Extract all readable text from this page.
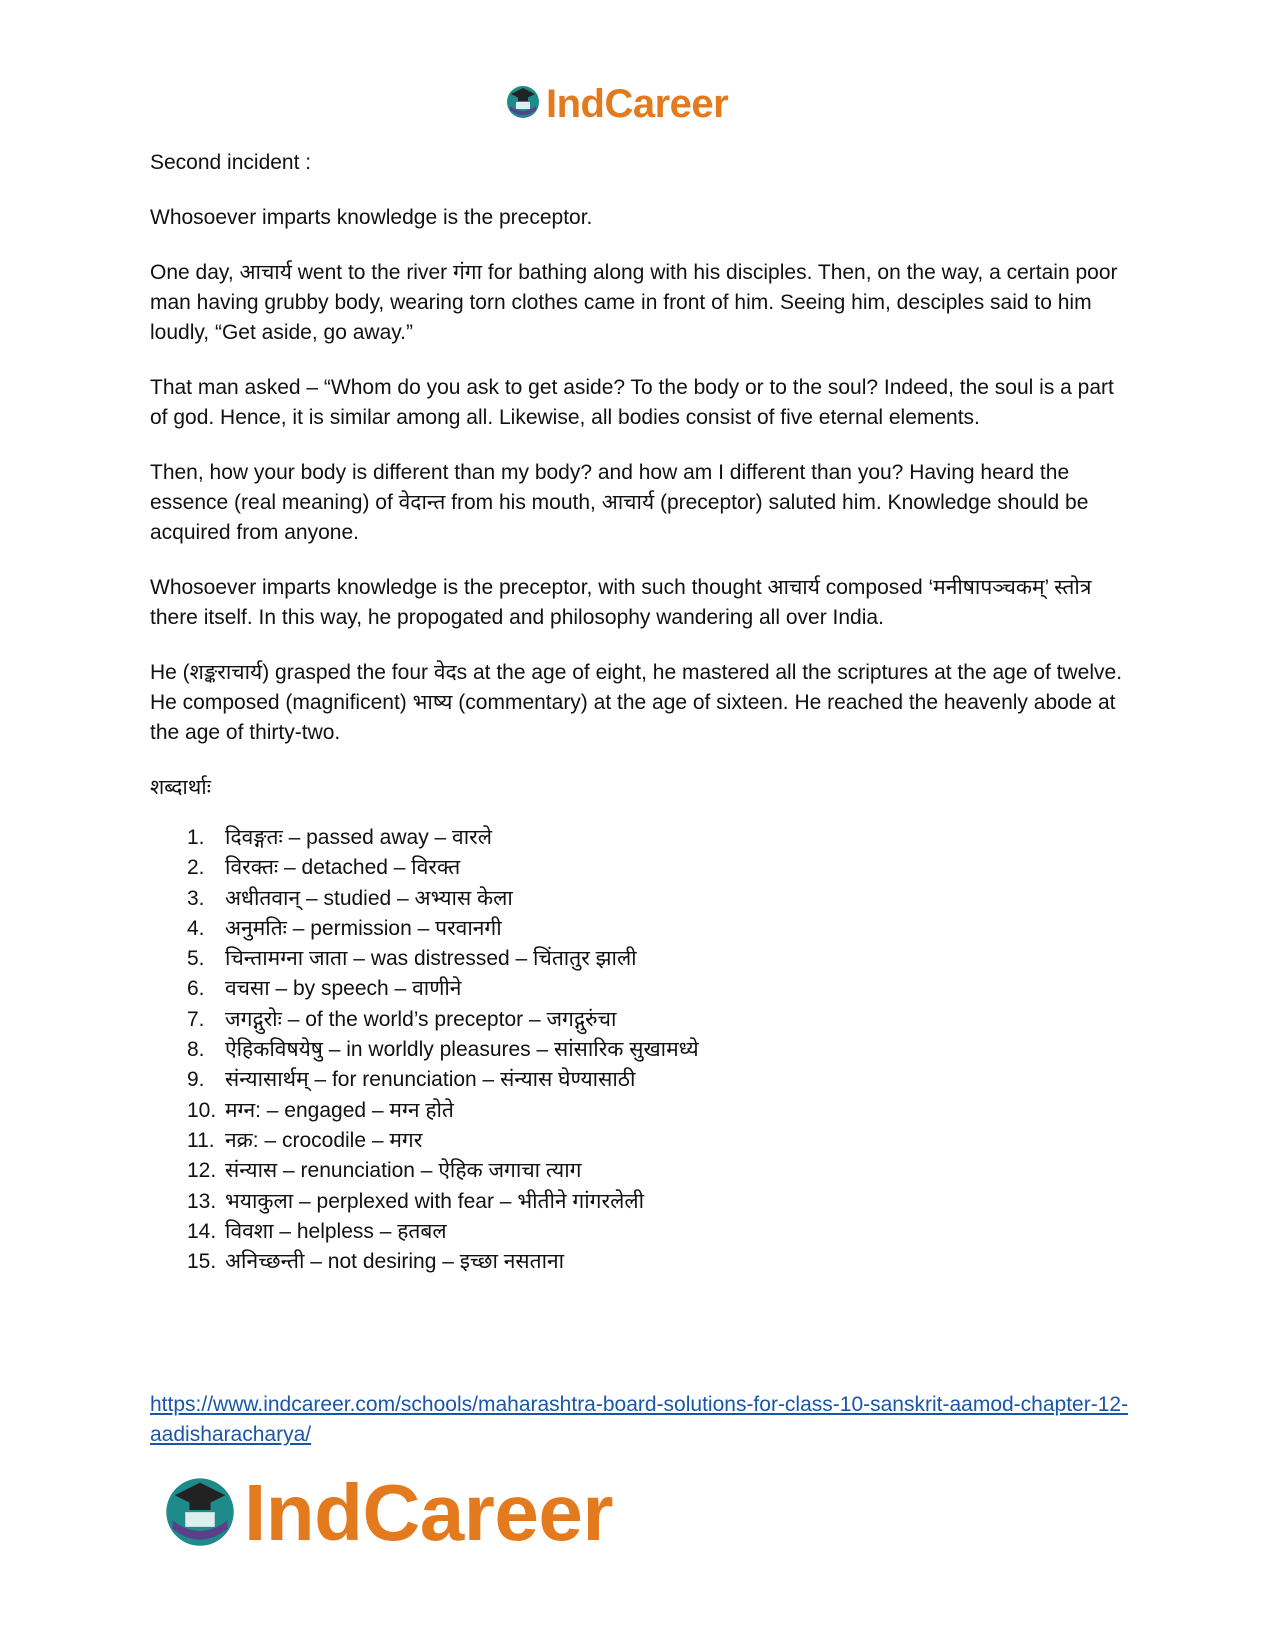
IndCareer

Second incident :

Whosoever imparts knowledge is the preceptor.

One day, आचार्य went to the river गंगा for bathing along with his disciples. Then, on the way, a certain poor man having grubby body, wearing torn clothes came in front of him. Seeing him, desciples said to him loudly, “Get aside, go away.”

That man asked – “Whom do you ask to get aside? To the body or to the soul? Indeed, the soul is a part of god. Hence, it is similar among all. Likewise, all bodies consist of five eternal elements.

Then, how your body is different than my body? and how am I different than you? Having heard the essence (real meaning) of वेदान्त from his mouth, आचार्य (preceptor) saluted him. Knowledge should be acquired from anyone.

Whosoever imparts knowledge is the preceptor, with such thought आचार्य composed ‘मनीषापञ्चकम्’ स्तोत्र there itself. In this way, he propogated and philosophy wandering all over India.

He (शङ्कराचार्य) grasped the four वेदs at the age of eight, he mastered all the scriptures at the age of twelve. He composed (magnificent) भाष्य (commentary) at the age of sixteen. He reached the heavenly abode at the age of thirty-two.

शब्दार्थाः

1. दिवङ्गतः – passed away – वारले
2. विरक्तः – detached – विरक्त
3. अधीतवान् – studied – अभ्यास केला
4. अनुमतिः – permission – परवानगी
5. चिन्तामग्ना जाता – was distressed – चिंतातुर झाली
6. वचसा – by speech – वाणीने
7. जगद्गुरोः – of the world’s preceptor – जगद्गुरुंचा
8. ऐहिकविषयेषु – in worldly pleasures – सांसारिक सुखामध्ये
9. संन्यासार्थम् – for renunciation – संन्यास घेण्यासाठी
10. मग्न: – engaged – मग्न होते
11. नक्र: – crocodile – मगर
12. संन्यास – renunciation – ऐहिक जगाचा त्याग
13. भयाकुला – perplexed with fear – भीतीने गांगरलेली
14. विवशा – helpless – हतबल
15. अनिच्छन्ती – not desiring – इच्छा नसताना
https://www.indcareer.com/schools/maharashtra-board-solutions-for-class-10-sanskrit-aamod-chapter-12-aadisharacharya/
IndCareer
